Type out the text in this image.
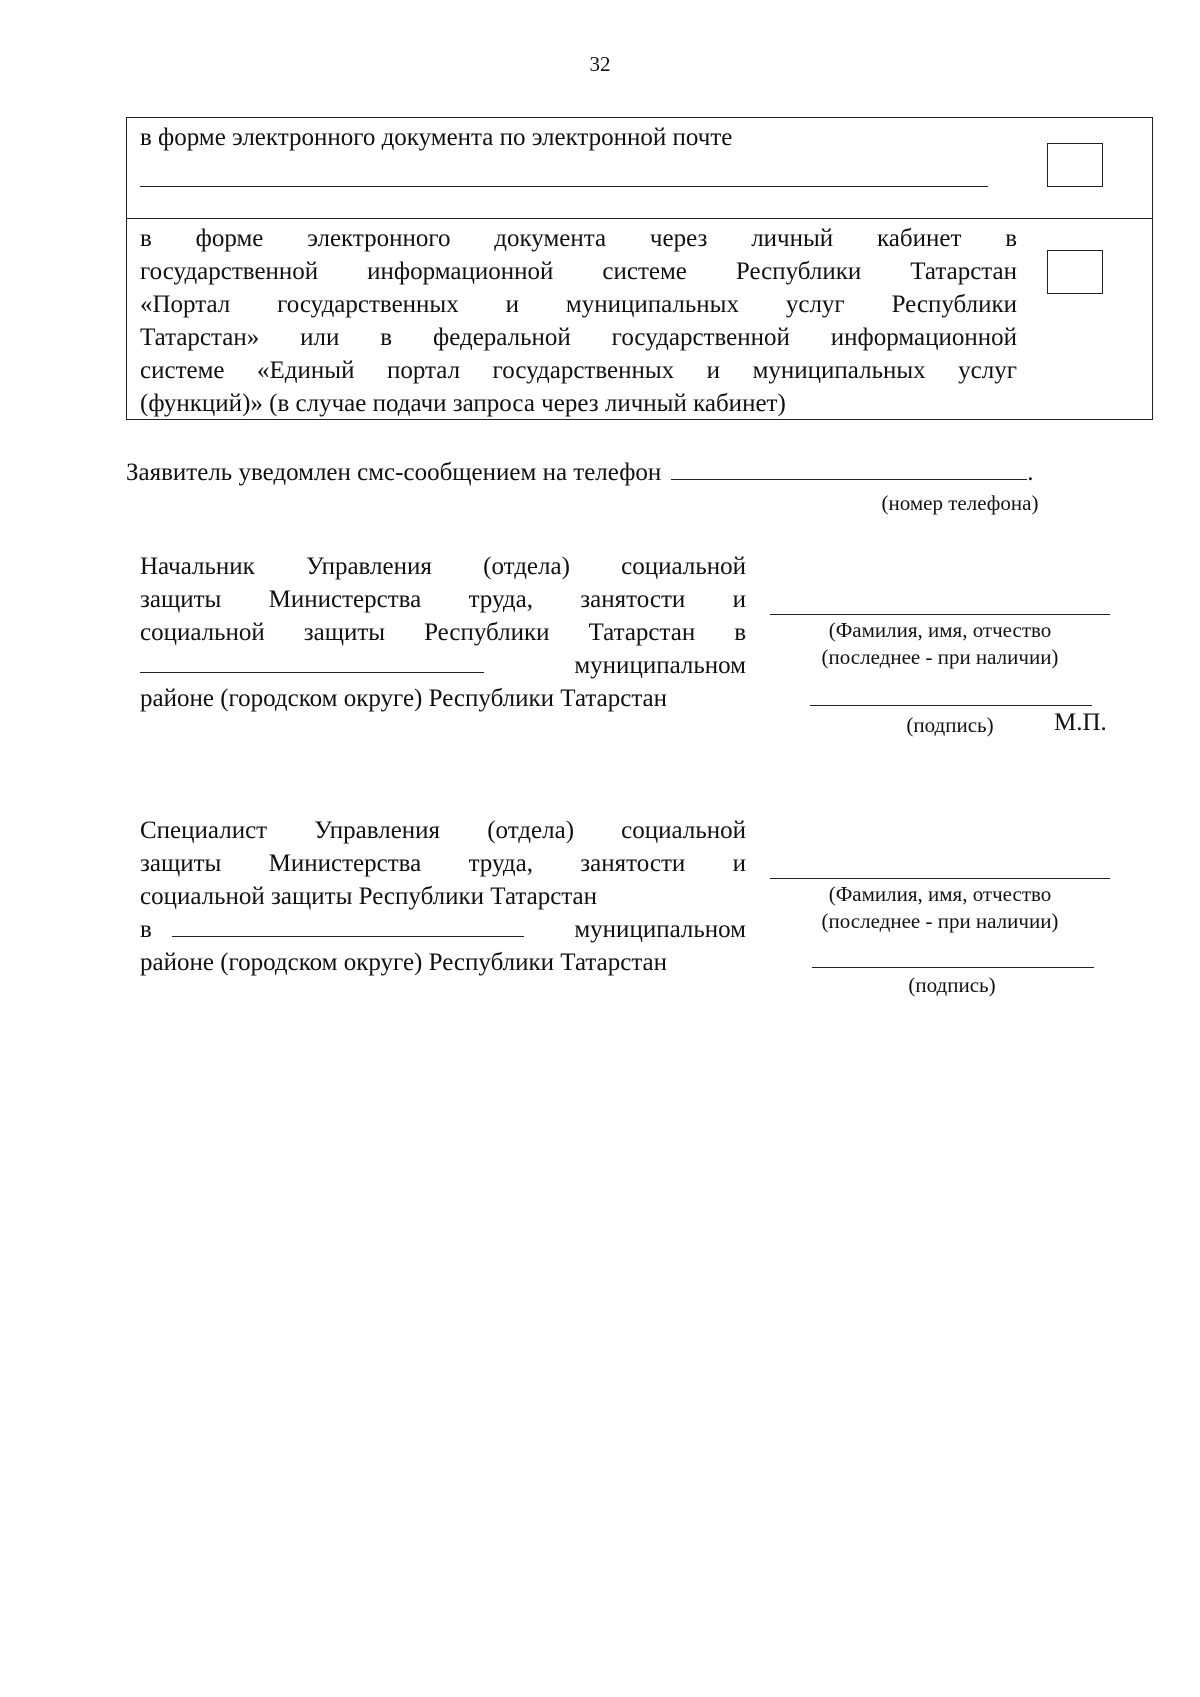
32
в форме электронного документа по электронной почте
в форме электронного документа через личный кабинет в
государственной информационной системе Республики Татарстан
«Портал государственных и муниципальных услуг Республики
Татарстан» или в федеральной государственной информационной
системе «Единый портал государственных и муниципальных услуг
(функций)» (в случае подачи запроса через личный кабинет)
Заявитель уведомлен смс-сообщением на телефон	.
(номер телефона)
Начальник Управления (отдела) социальной
защиты Министерства труда, занятости и
социальной защиты Республики Татарстан в
муниципальном
районе (городском округе) Республики Татарстан
(Фамилия, имя, отчество
(последнее - при наличии)
(подпись)	М.П.
Специалист Управления (отдела) социальной
защиты Министерства труда, занятости и
социальной защиты Республики Татарстан
в	муниципальном
районе (городском округе) Республики Татарстан
(Фамилия, имя, отчество
(последнее - при наличии)
(подпись)
